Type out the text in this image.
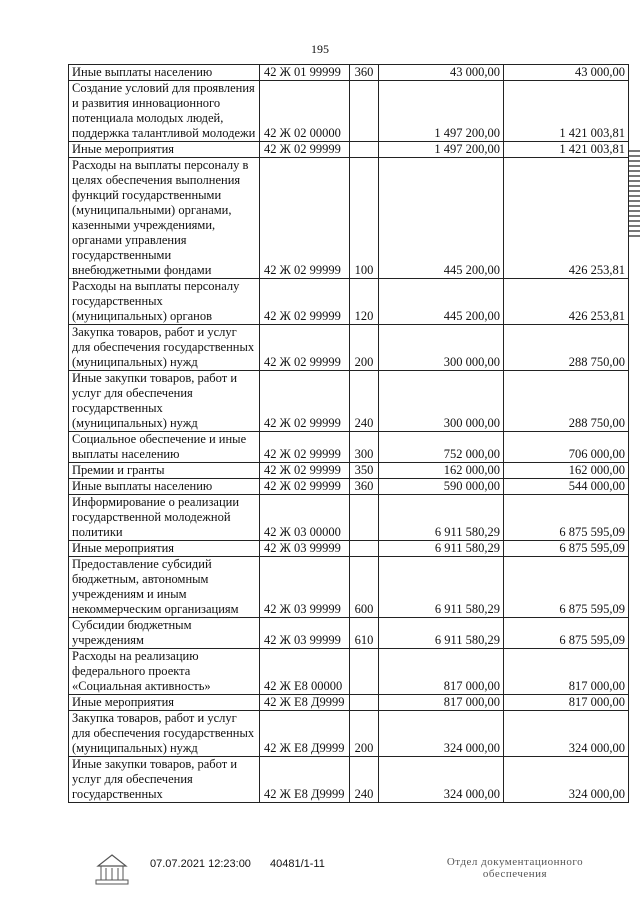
195
Иные выплаты населению	42 Ж 01 99999	360	43 000,00	43 000,00
Создание условий для проявления и развития инновационного потенциала молодых людей, поддержка талантливой молодежи	42 Ж 02 00000		1 497 200,00	1 421 003,81
Иные мероприятия	42 Ж 02 99999		1 497 200,00	1 421 003,81
Расходы на выплаты персоналу в целях обеспечения выполнения функций государственными (муниципальными) органами, казенными учреждениями, органами управления государственными внебюджетными фондами	42 Ж 02 99999	100	445 200,00	426 253,81
Расходы на выплаты персоналу государственных (муниципальных) органов	42 Ж 02 99999	120	445 200,00	426 253,81
Закупка товаров, работ и услуг для обеспечения государственных (муниципальных) нужд	42 Ж 02 99999	200	300 000,00	288 750,00
Иные закупки товаров, работ и услуг для обеспечения государственных (муниципальных) нужд	42 Ж 02 99999	240	300 000,00	288 750,00
Социальное обеспечение и иные выплаты населению	42 Ж 02 99999	300	752 000,00	706 000,00
Премии и гранты	42 Ж 02 99999	350	162 000,00	162 000,00
Иные выплаты населению	42 Ж 02 99999	360	590 000,00	544 000,00
Информирование о реализации государственной молодежной политики	42 Ж 03 00000		6 911 580,29	6 875 595,09
Иные мероприятия	42 Ж 03 99999		6 911 580,29	6 875 595,09
Предоставление субсидий бюджетным, автономным учреждениям и иным некоммерческим организациям	42 Ж 03 99999	600	6 911 580,29	6 875 595,09
Субсидии бюджетным учреждениям	42 Ж 03 99999	610	6 911 580,29	6 875 595,09
Расходы на реализацию федерального проекта «Социальная активность»	42 Ж Е8 00000		817 000,00	817 000,00
Иные мероприятия	42 Ж Е8 Д9999		817 000,00	817 000,00
Закупка товаров, работ и услуг для обеспечения государственных (муниципальных) нужд	42 Ж Е8 Д9999	200	324 000,00	324 000,00
Иные закупки товаров, работ и услуг для обеспечения государственных	42 Ж Е8 Д9999	240	324 000,00	324 000,00
07.07.2021 12:23:00 40481/1-11	Отдел документационного обеспечения
